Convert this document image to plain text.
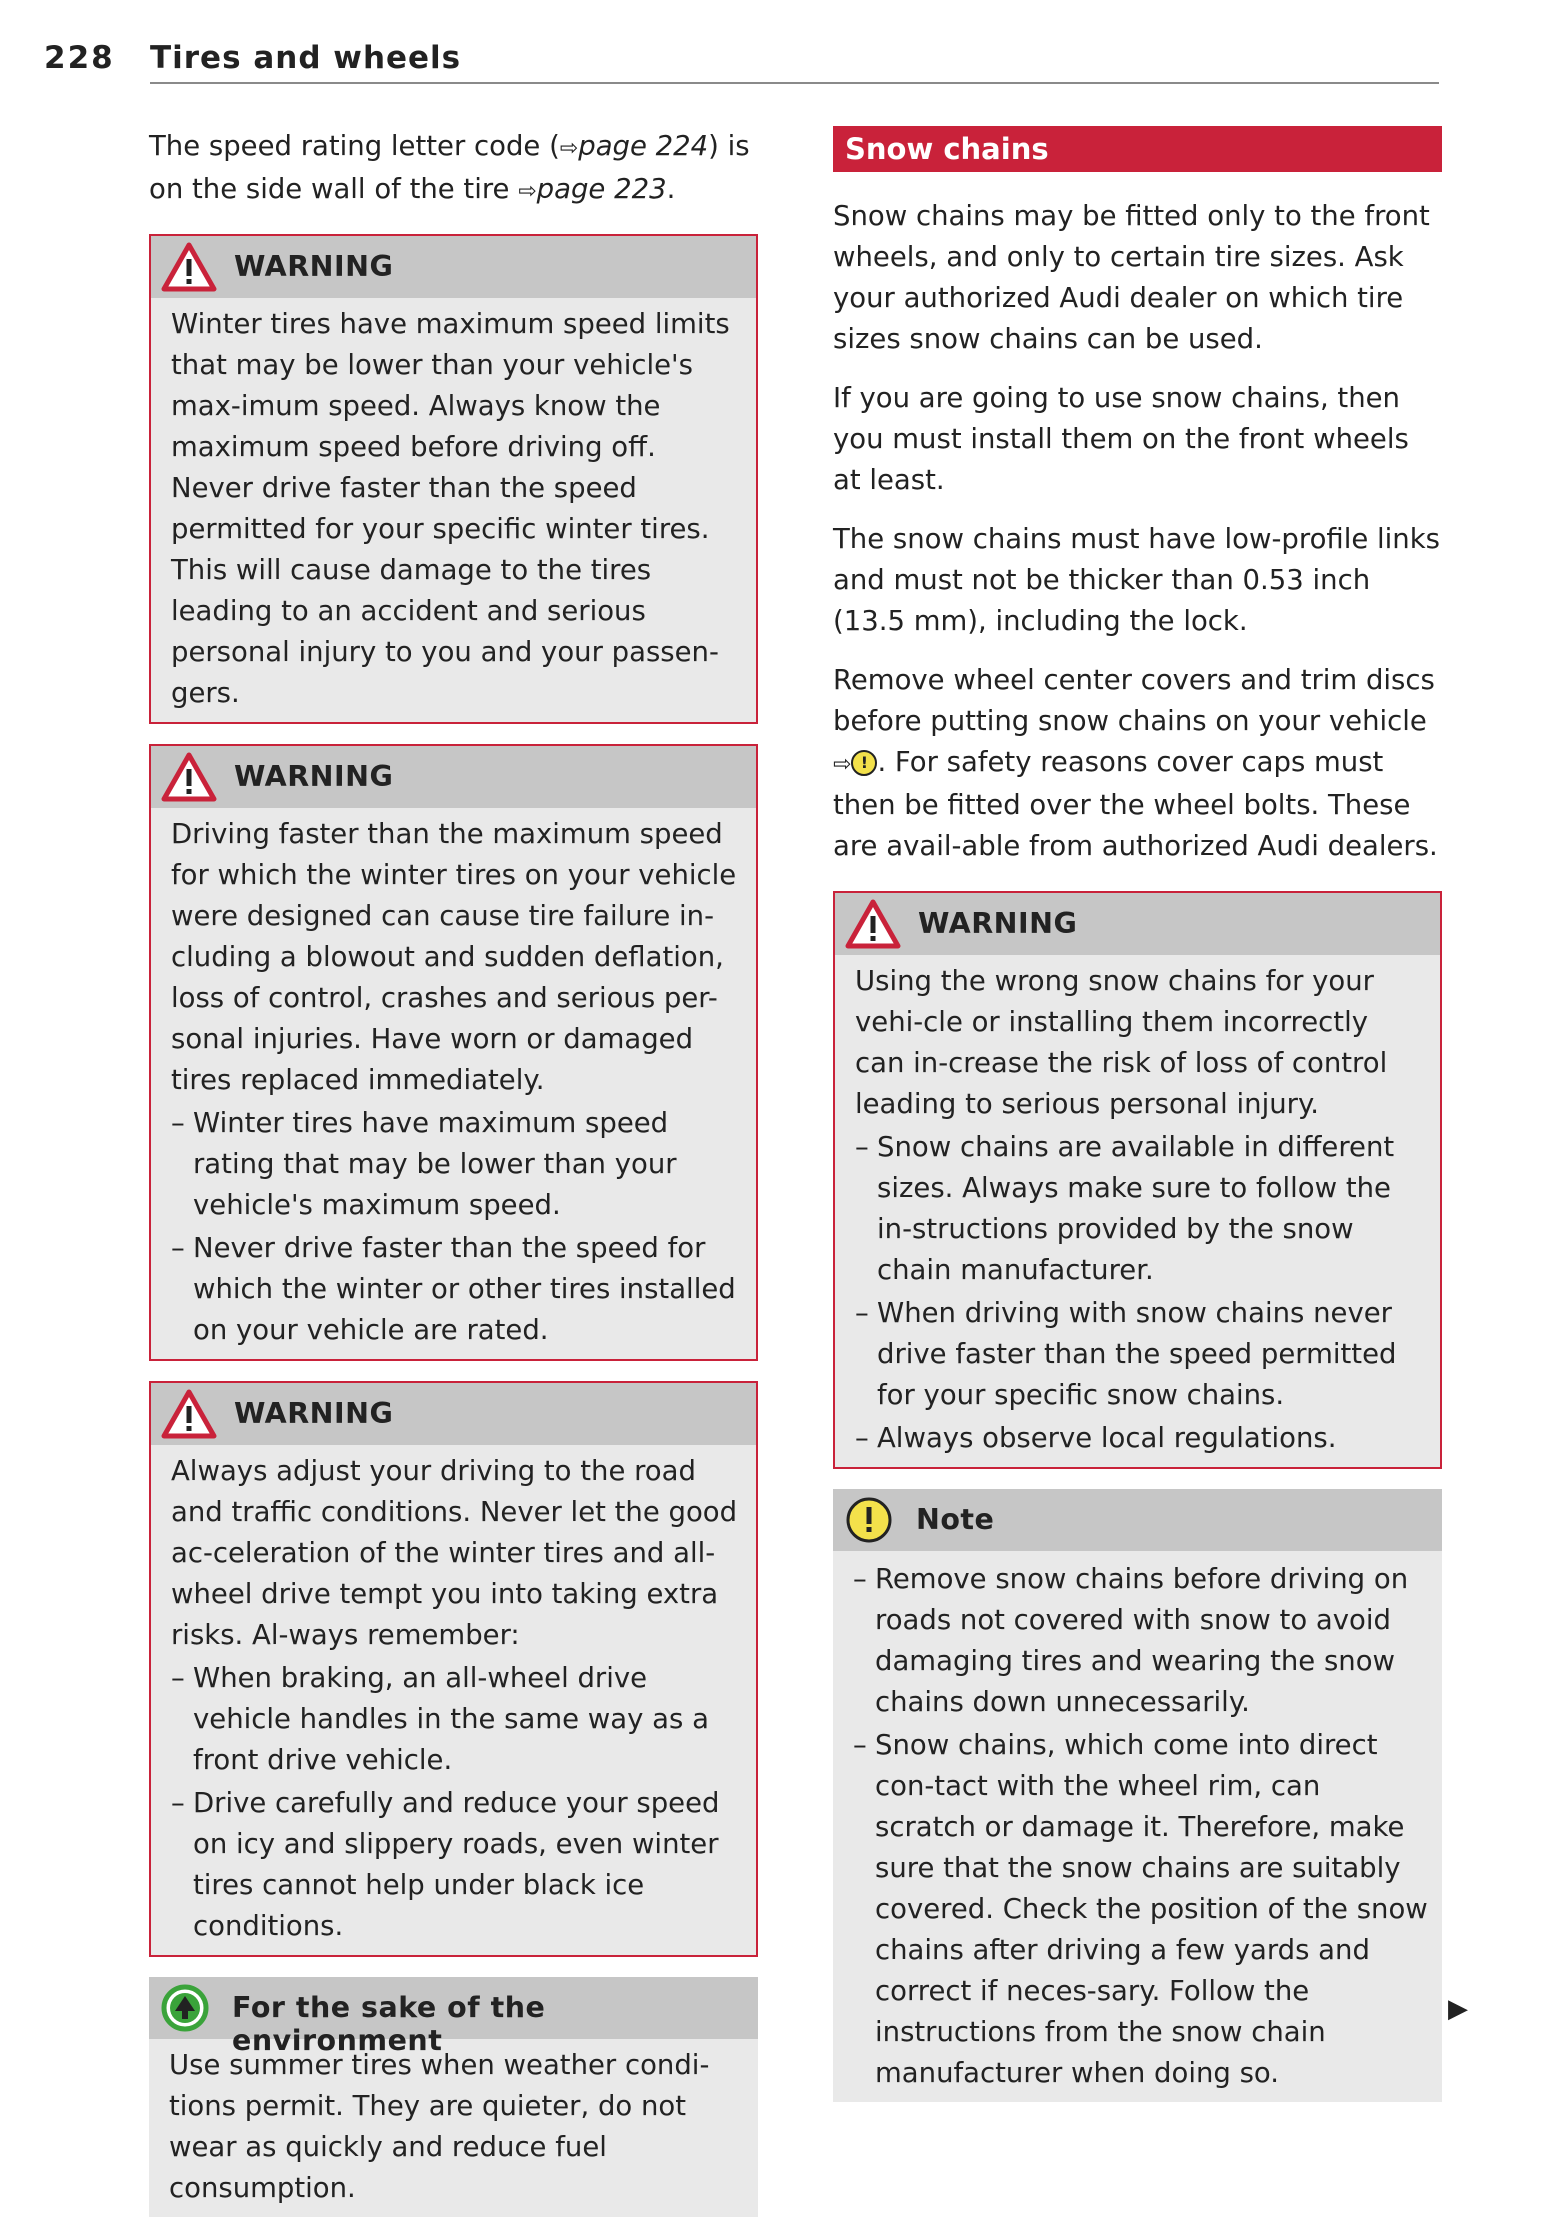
228 Tires and wheels

The speed rating letter code (⇨page 224) is on the side wall of the tire ⇨page 223.

WARNING

Winter tires have maximum speed limits that may be lower than your vehicle's max-imum speed. Always know the maximum speed before driving off. Never drive faster than the speed permitted for your specific winter tires. This will cause damage to the tires leading to an accident and serious personal injury to you and your passen-gers.

WARNING

Driving faster than the maximum speed for which the winter tires on your vehicle were designed can cause tire failure in-cluding a blowout and sudden deflation, loss of control, crashes and serious per-sonal injuries. Have worn or damaged tires replaced immediately.

– Winter tires have maximum speed rating that may be lower than your vehicle's maximum speed.
– Never drive faster than the speed for which the winter or other tires installed on your vehicle are rated.
WARNING

Always adjust your driving to the road and traffic conditions. Never let the good ac-celeration of the winter tires and all-wheel drive tempt you into taking extra risks. Al-ways remember:

– When braking, an all-wheel drive vehicle handles in the same way as a front drive vehicle.
– Drive carefully and reduce your speed on icy and slippery roads, even winter tires cannot help under black ice conditions.
For the sake of the environment

Use summer tires when weather condi-tions permit. They are quieter, do not wear as quickly and reduce fuel consumption.

Snow chains

Snow chains may be fitted only to the front wheels, and only to certain tire sizes. Ask your authorized Audi dealer on which tire sizes snow chains can be used.

If you are going to use snow chains, then you must install them on the front wheels at least.

The snow chains must have low-profile links and must not be thicker than 0.53 inch (13.5 mm), including the lock.

Remove wheel center covers and trim discs before putting snow chains on your vehicle ⇨ ! . For safety reasons cover caps must then be fitted over the wheel bolts. These are avail-able from authorized Audi dealers.

WARNING

Using the wrong snow chains for your vehi-cle or installing them incorrectly can in-crease the risk of loss of control leading to serious personal injury.

– Snow chains are available in different sizes. Always make sure to follow the in-structions provided by the snow chain manufacturer.
– When driving with snow chains never drive faster than the speed permitted for your specific snow chains.
– Always observe local regulations.
Note
– Remove snow chains before driving on roads not covered with snow to avoid damaging tires and wearing the snow chains down unnecessarily.
– Snow chains, which come into direct con-tact with the wheel rim, can scratch or damage it. Therefore, make sure that the snow chains are suitably covered. Check the position of the snow chains after driving a few yards and correct if neces-sary. Follow the instructions from the snow chain manufacturer when doing so.
▶
